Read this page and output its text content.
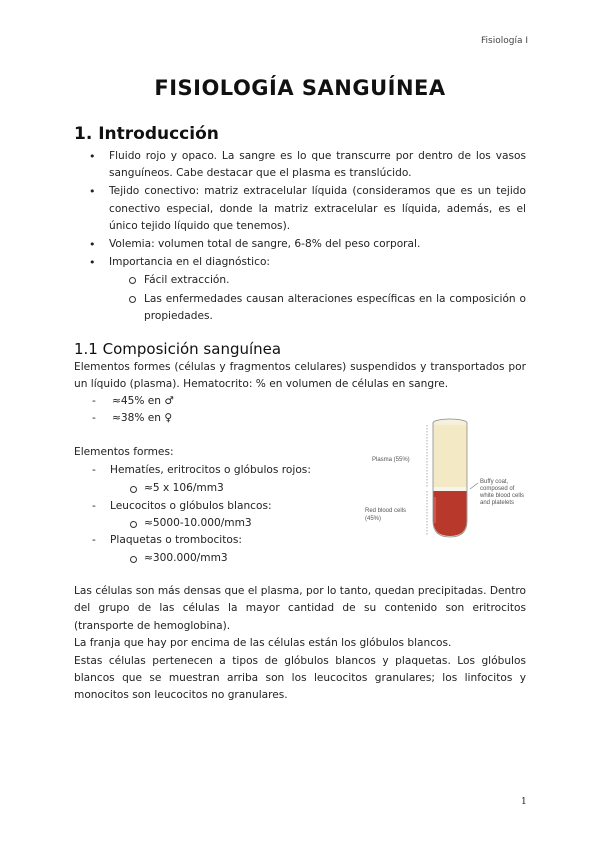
Fisiología I
FISIOLOGÍA SANGUÍNEA
1. Introducción
• Fluido rojo y opaco. La sangre es lo que transcurre por dentro de los vasos sanguíneos. Cabe destacar que el plasma es translúcido.
• Tejido conectivo: matriz extracelular líquida (consideramos que es un tejido conectivo especial, donde la matriz extracelular es líquida, además, es el único tejido líquido que tenemos).
• Volemia: volumen total de sangre, 6-8% del peso corporal.
• Importancia en el diagnóstico:
Fácil extracción.
Las enfermedades causan alteraciones específicas en la composición o propiedades.
1.1 Composición sanguínea
Elementos formes (células y fragmentos celulares) suspendidos y transportados por un líquido (plasma). Hematocrito: % en volumen de células en sangre.
- ≈45% en ♂
- ≈38% en ♀
Elementos formes:
- Hematíes, eritrocitos o glóbulos rojos:
≈5 x 106/mm3
- Leucocitos o glóbulos blancos:
≈5000-10.000/mm3
- Plaquetas o trombocitos:
≈300.000/mm3
Plasma (55%)
Buffy coat,
composed of
white blood cells
and platelets
Red blood cells
(45%)

Las células son más densas que el plasma, por lo tanto, quedan precipitadas. Dentro del grupo de las células la mayor cantidad de su contenido son eritrocitos (transporte de hemoglobina).

La franja que hay por encima de las células están los glóbulos blancos.

Estas células pertenecen a tipos de glóbulos blancos y plaquetas. Los glóbulos blancos que se muestran arriba son los leucocitos granulares; los linfocitos y monocitos son leucocitos no granulares.

1
